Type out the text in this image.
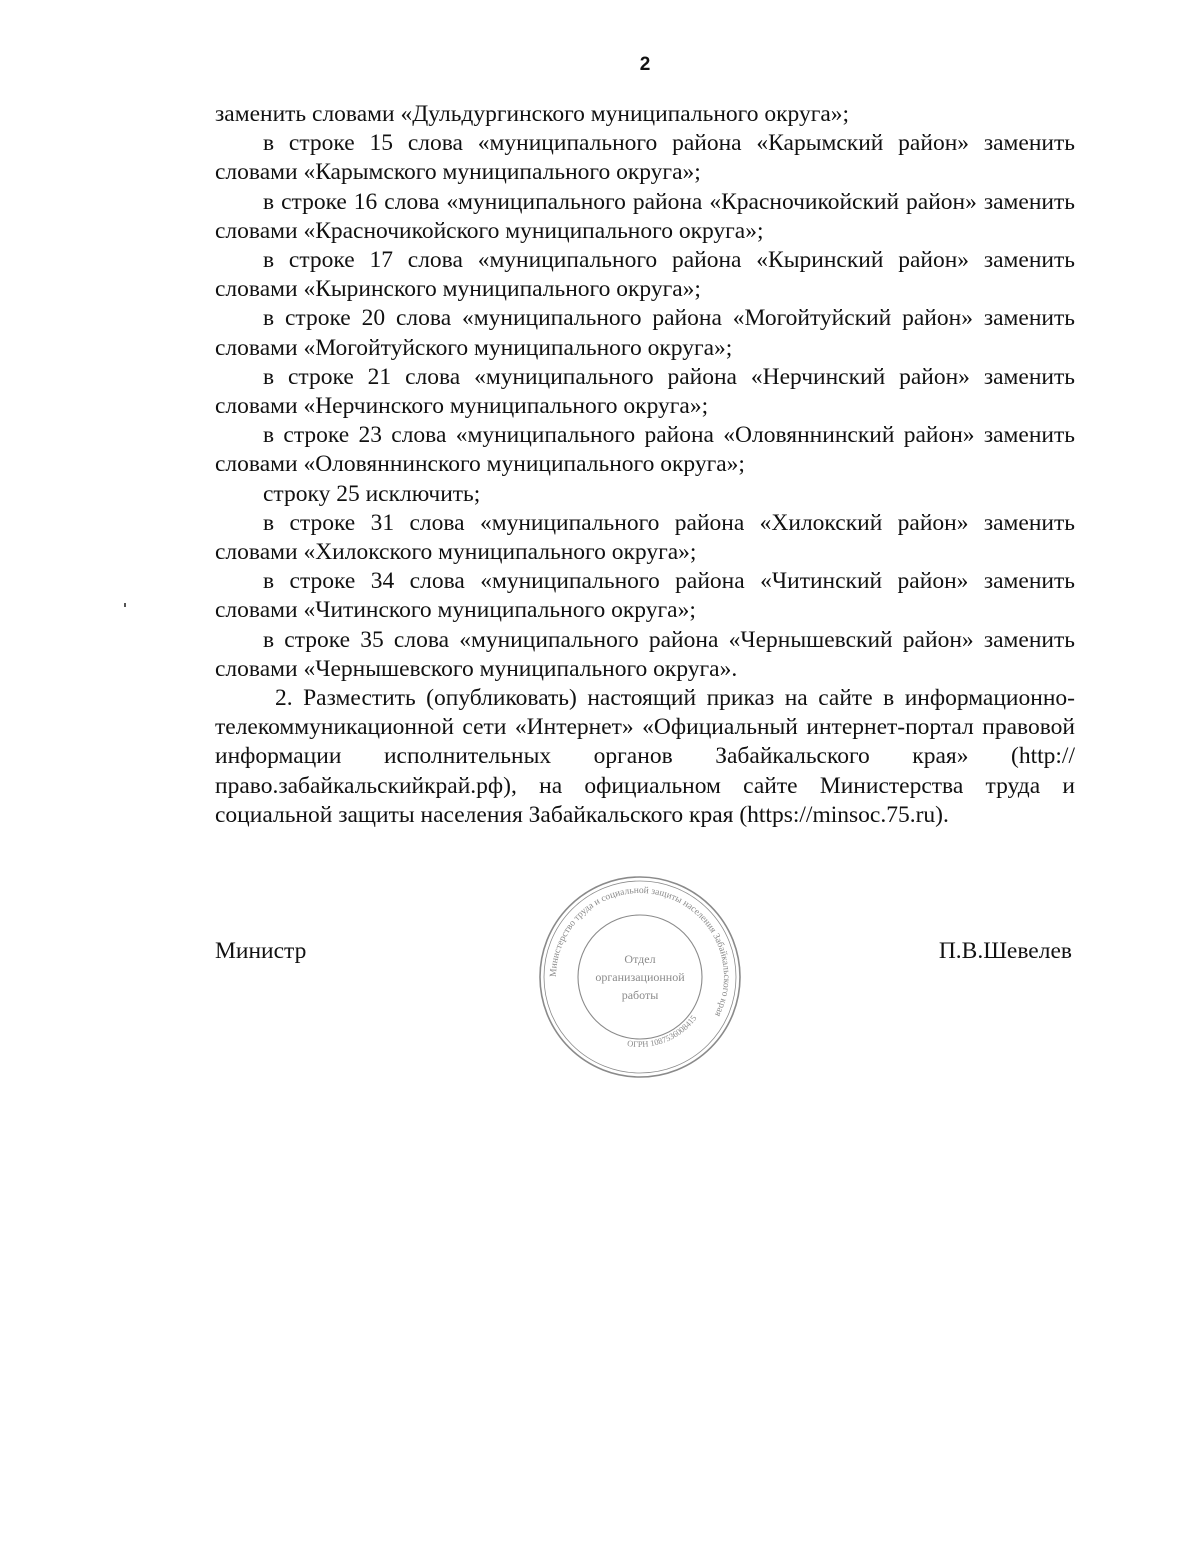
2

заменить словами «Дульдургинского муниципального округа»;

в строке 15 слова «муниципального района «Карымский район» заменить словами «Карымского муниципального округа»;

в строке 16 слова «муниципального района «Красночикойский район» заменить словами «Красночикойского муниципального округа»;

в строке 17 слова «муниципального района «Кыринский район» заменить словами «Кыринского муниципального округа»;

в строке 20 слова «муниципального района «Могойтуйский район» заменить словами «Могойтуйского муниципального округа»;

в строке 21 слова «муниципального района «Нерчинский район» заменить словами «Нерчинского муниципального округа»;

в строке 23 слова «муниципального района «Оловяннинский район» заменить словами «Оловяннинского муниципального округа»;

строку 25 исключить;

в строке 31 слова «муниципального района «Хилокский район» заменить словами «Хилокского муниципального округа»;

в строке 34 слова «муниципального района «Читинский район» заменить словами «Читинского муниципального округа»;

в строке 35 слова «муниципального района «Чернышевский район» заменить словами «Чернышевского муниципального округа».

2. Разместить (опубликовать) настоящий приказ на сайте в информационно-телекоммуникационной сети «Интернет» «Официальный интернет-портал правовой информации исполнительных органов Забайкальского края» (http://право.забайкальскийкрай.рф), на официальном сайте Министерства труда и социальной защиты населения Забайкальского края (https://minsoc.75.ru).

Министр	П.В.Шевелев
Министерство труда и социальной защиты населения Забайкальского края
ОГРН 1087536008415
Отдел
организационной
работы
